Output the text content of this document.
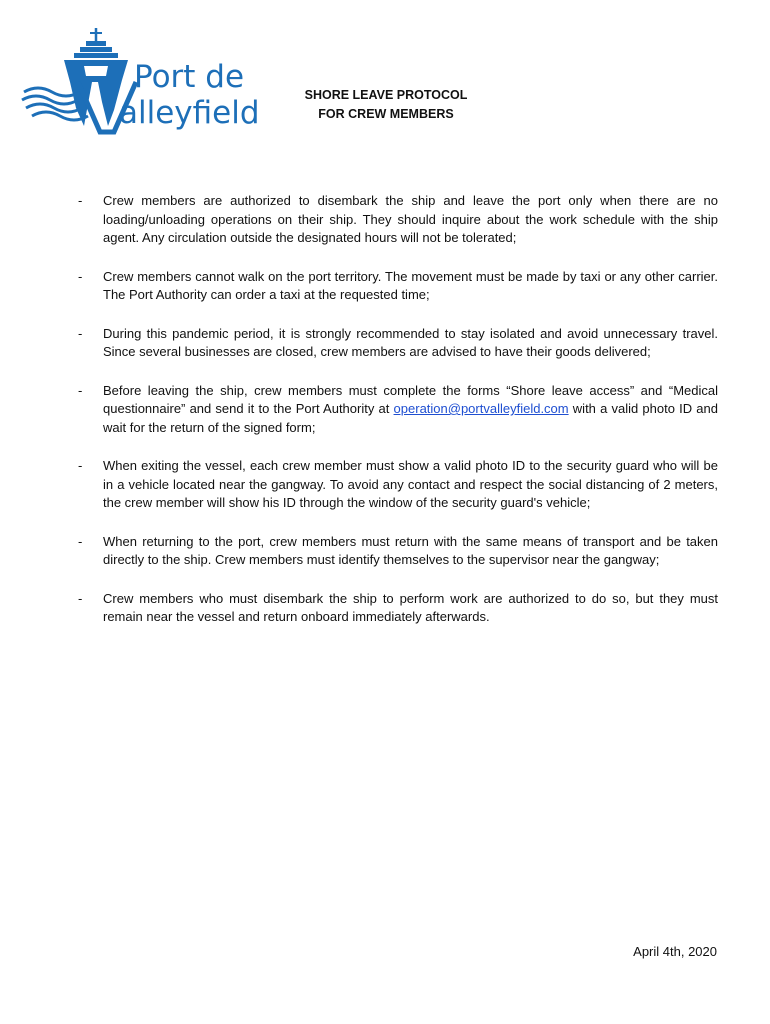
Port de
alleyfield	SHORE LEAVE PROTOCOL
FOR CREW MEMBERS
- Crew members are authorized to disembark the ship and leave the port only when there are no loading/unloading operations on their ship. They should inquire about the work schedule with the ship agent. Any circulation outside the designated hours will not be tolerated;
- Crew members cannot walk on the port territory. The movement must be made by taxi or any other carrier. The Port Authority can order a taxi at the requested time;
- During this pandemic period, it is strongly recommended to stay isolated and avoid unnecessary travel. Since several businesses are closed, crew members are advised to have their goods delivered;
- Before leaving the ship, crew members must complete the forms “Shore leave access” and “Medical questionnaire” and send it to the Port Authority at operation@portvalleyfield.com with a valid photo ID and wait for the return of the signed form;
- When exiting the vessel, each crew member must show a valid photo ID to the security guard who will be in a vehicle located near the gangway. To avoid any contact and respect the social distancing of 2 meters, the crew member will show his ID through the window of the security guard's vehicle;
- When returning to the port, crew members must return with the same means of transport and be taken directly to the ship. Crew members must identify themselves to the supervisor near the gangway;
- Crew members who must disembark the ship to perform work are authorized to do so, but they must remain near the vessel and return onboard immediately afterwards.
April 4th, 2020
